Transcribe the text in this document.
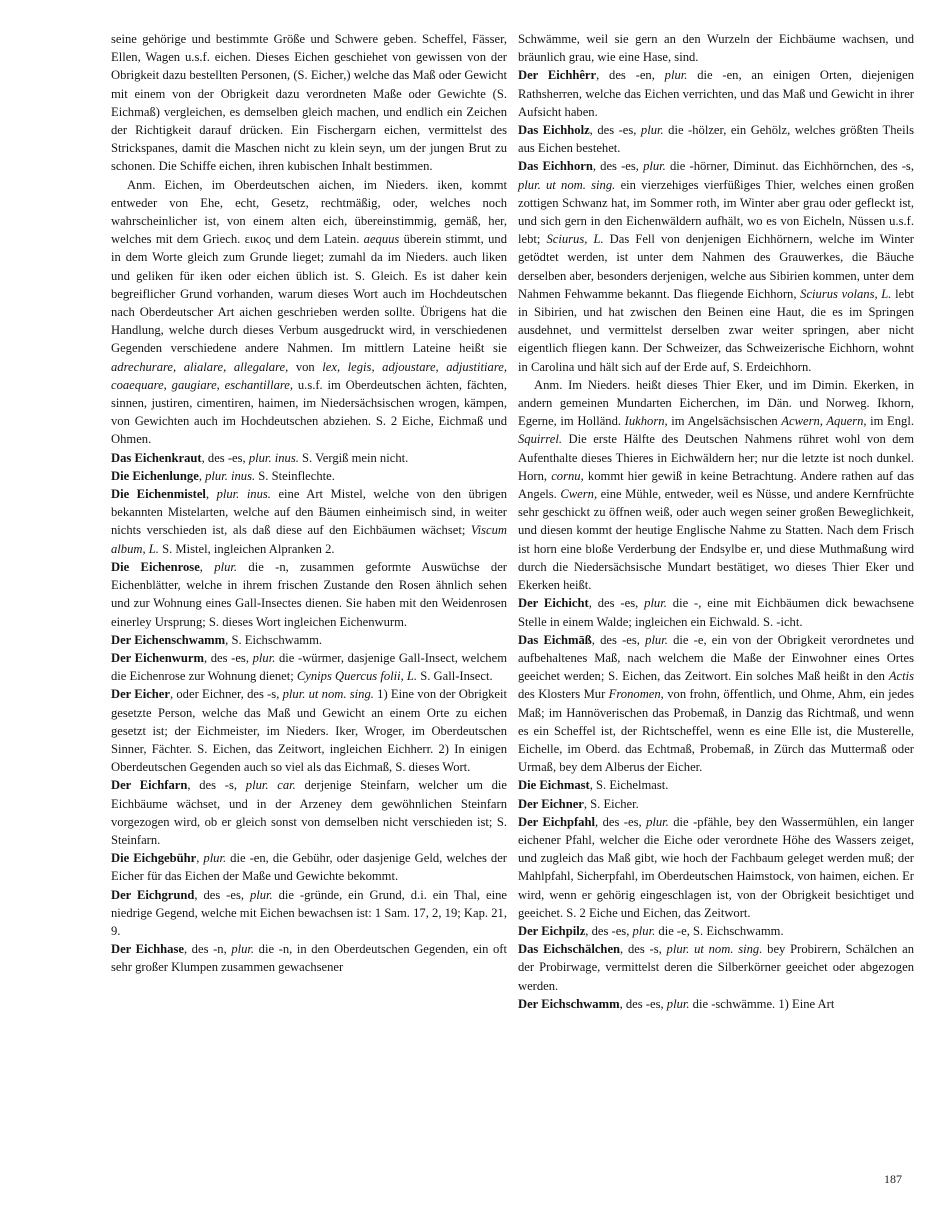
seine gehörige und bestimmte Größe und Schwere geben. Scheffel, Fässer, Ellen, Wagen u.s.f. eichen. Dieses Eichen geschiehet von gewissen von der Obrigkeit dazu bestellten Personen, (S. Eicher,) welche das Maß oder Gewicht mit einem von der Obrigkeit dazu verordneten Maße oder Gewichte (S. Eichmaß) vergleichen, es demselben gleich machen, und endlich ein Zeichen der Richtigkeit darauf drücken. Ein Fischergarn eichen, vermittelst des Strickspanes, damit die Maschen nicht zu klein seyn, um der jungen Brut zu schonen. Die Schiffe eichen, ihren kubischen Inhalt bestimmen.

Anm. Eichen, im Oberdeutschen aichen, im Nieders. iken, kommt entweder von Ehe, echt, Gesetz, rechtmäßig, oder, welches noch wahrscheinlicher ist, von einem alten eich, übereinstimmig, gemäß, her, welches mit dem Griech. εικος und dem Latein. aequus überein stimmt, und in dem Worte gleich zum Grunde lieget; zumahl da im Nieders. auch liken und geliken für iken oder eichen üblich ist. S. Gleich. Es ist daher kein begreiflicher Grund vorhanden, warum dieses Wort auch im Hochdeutschen nach Oberdeutscher Art aichen geschrieben werden sollte. Übrigens hat die Handlung, welche durch dieses Verbum ausgedruckt wird, in verschiedenen Gegenden verschiedene andere Nahmen. Im mittlern Lateine heißt sie adrechurare, alialare, allegalare, von lex, legis, adjoustare, adjustitiare, coaequare, gaugiare, eschantillare, u.s.f. im Oberdeutschen ächten, fächten, sinnen, justiren, cimentiren, haimen, im Niedersächsischen wrogen, kämpen, von Gewichten auch im Hochdeutschen abziehen. S. 2 Eiche, Eichmaß und Ohmen.

Das Eichenkraut, des -es, plur. inus. S. Vergiß mein nicht.

Die Eichenlunge, plur. inus. S. Steinflechte.

Die Eichenmistel, plur. inus. eine Art Mistel, welche von den übrigen bekannten Mistelarten, welche auf den Bäumen einheimisch sind, in weiter nichts verschieden ist, als daß diese auf den Eichbäumen wächset; Viscum album, L. S. Mistel, ingleichen Alpranken 2.

Die Eichenrose, plur. die -n, zusammen geformte Auswüchse der Eichenblätter, welche in ihrem frischen Zustande den Rosen ähnlich sehen und zur Wohnung eines Gall-Insectes dienen. Sie haben mit den Weidenrosen einerley Ursprung; S. dieses Wort ingleichen Eichenwurm.

Der Eichenschwamm, S. Eichschwamm.

Der Eichenwurm, des -es, plur. die -würmer, dasjenige Gall-Insect, welchem die Eichenrose zur Wohnung dienet; Cynips Quercus folii, L. S. Gall-Insect.

Der Eicher, oder Eichner, des -s, plur. ut nom. sing. 1) Eine von der Obrigkeit gesetzte Person, welche das Maß und Gewicht an einem Orte zu eichen gesetzt ist; der Eichmeister, im Nieders. Iker, Wroger, im Oberdeutschen Sinner, Fächter. S. Eichen, das Zeitwort, ingleichen Eichherr. 2) In einigen Oberdeutschen Gegenden auch so viel als das Eichmaß, S. dieses Wort.

Der Eichfarn, des -s, plur. car. derjenige Steinfarn, welcher um die Eichbäume wächset, und in der Arzeney dem gewöhnlichen Steinfarn vorgezogen wird, ob er gleich sonst von demselben nicht verschieden ist; S. Steinfarn.

Die Eichgebühr, plur. die -en, die Gebühr, oder dasjenige Geld, welches der Eicher für das Eichen der Maße und Gewichte bekommt.

Der Eichgrund, des -es, plur. die -gründe, ein Grund, d.i. ein Thal, eine niedrige Gegend, welche mit Eichen bewachsen ist: 1 Sam. 17, 2, 19; Kap. 21, 9.

Der Eichhase, des -n, plur. die -n, in den Oberdeutschen Gegenden, ein oft sehr großer Klumpen zusammen gewachsener

Schwämme, weil sie gern an den Wurzeln der Eichbäume wachsen, und bräunlich grau, wie eine Hase, sind.

Der Eichhêrr, des -en, plur. die -en, an einigen Orten, diejenigen Rathsherren, welche das Eichen verrichten, und das Maß und Gewicht in ihrer Aufsicht haben.

Das Eichholz, des -es, plur. die -hölzer, ein Gehölz, welches größten Theils aus Eichen bestehet.

Das Eichhorn, des -es, plur. die -hörner, Diminut. das Eichhörnchen, des -s, plur. ut nom. sing. ein vierzehiges vierfüßiges Thier, welches einen großen zottigen Schwanz hat, im Sommer roth, im Winter aber grau oder gefleckt ist, und sich gern in den Eichenwäldern aufhält, wo es von Eicheln, Nüssen u.s.f. lebt; Sciurus, L. Das Fell von denjenigen Eichhörnern, welche im Winter getödtet werden, ist unter dem Nahmen des Grauwerkes, die Bäuche derselben aber, besonders derjenigen, welche aus Sibirien kommen, unter dem Nahmen Fehwamme bekannt. Das fliegende Eichhorn, Sciurus volans, L. lebt in Sibirien, und hat zwischen den Beinen eine Haut, die es im Springen ausdehnet, und vermittelst derselben zwar weiter springen, aber nicht eigentlich fliegen kann. Der Schweizer, das Schweizerische Eichhorn, wohnt in Carolina und hält sich auf der Erde auf, S. Erdeichhorn.

Anm. Im Nieders. heißt dieses Thier Eker, und im Dimin. Ekerken, in andern gemeinen Mundarten Eicherchen, im Dän. und Norweg. Ikhorn, Egerne, im Holländ. Iukhorn, im Angelsächsischen Acwern, Aquern, im Engl. Squirrel. Die erste Hälfte des Deutschen Nahmens rühret wohl von dem Aufenthalte dieses Thieres in Eichwäldern her; nur die letzte ist noch dunkel. Horn, cornu, kommt hier gewiß in keine Betrachtung. Andere rathen auf das Angels. Cwern, eine Mühle, entweder, weil es Nüsse, und andere Kernfrüchte sehr geschickt zu öffnen weiß, oder auch wegen seiner großen Beweglichkeit, und diesen kommt der heutige Englische Nahme zu Statten. Nach dem Frisch ist horn eine bloße Verderbung der Endsylbe er, und diese Muthmaßung wird durch die Niedersächsische Mundart bestätiget, wo dieses Thier Eker und Ekerken heißt.

Der Eichicht, des -es, plur. die -, eine mit Eichbäumen dick bewachsene Stelle in einem Walde; ingleichen ein Eichwald. S. -icht.

Das Eichmāß, des -es, plur. die -e, ein von der Obrigkeit verordnetes und aufbehaltenes Maß, nach welchem die Maße der Einwohner eines Ortes geeichet werden; S. Eichen, das Zeitwort. Ein solches Maß heißt in den Actis des Klosters Mur Fronomen, von frohn, öffentlich, und Ohme, Ahm, ein jedes Maß; im Hannöverischen das Probemaß, in Danzig das Richtmaß, und wenn es ein Scheffel ist, der Richtscheffel, wenn es eine Elle ist, die Musterelle, Eichelle, im Oberd. das Echtmaß, Probemaß, in Zürch das Muttermaß oder Urmaß, bey dem Alberus der Eicher.

Die Eichmast, S. Eichelmast.

Der Eichner, S. Eicher.

Der Eichpfahl, des -es, plur. die -pfähle, bey den Wassermühlen, ein langer eichener Pfahl, welcher die Eiche oder verordnete Höhe des Wassers zeiget, und zugleich das Maß gibt, wie hoch der Fachbaum geleget werden muß; der Mahlpfahl, Sicherpfahl, im Oberdeutschen Haimstock, von haimen, eichen. Er wird, wenn er gehörig eingeschlagen ist, von der Obrigkeit besichtiget und geeichet. S. 2 Eiche und Eichen, das Zeitwort.

Der Eichpilz, des -es, plur. die -e, S. Eichschwamm.

Das Eichschälchen, des -s, plur. ut nom. sing. bey Probirern, Schälchen an der Probirwage, vermittelst deren die Silberkörner geeichet oder abgezogen werden.

Der Eichschwamm, des -es, plur. die -schwämme. 1) Eine Art

187
